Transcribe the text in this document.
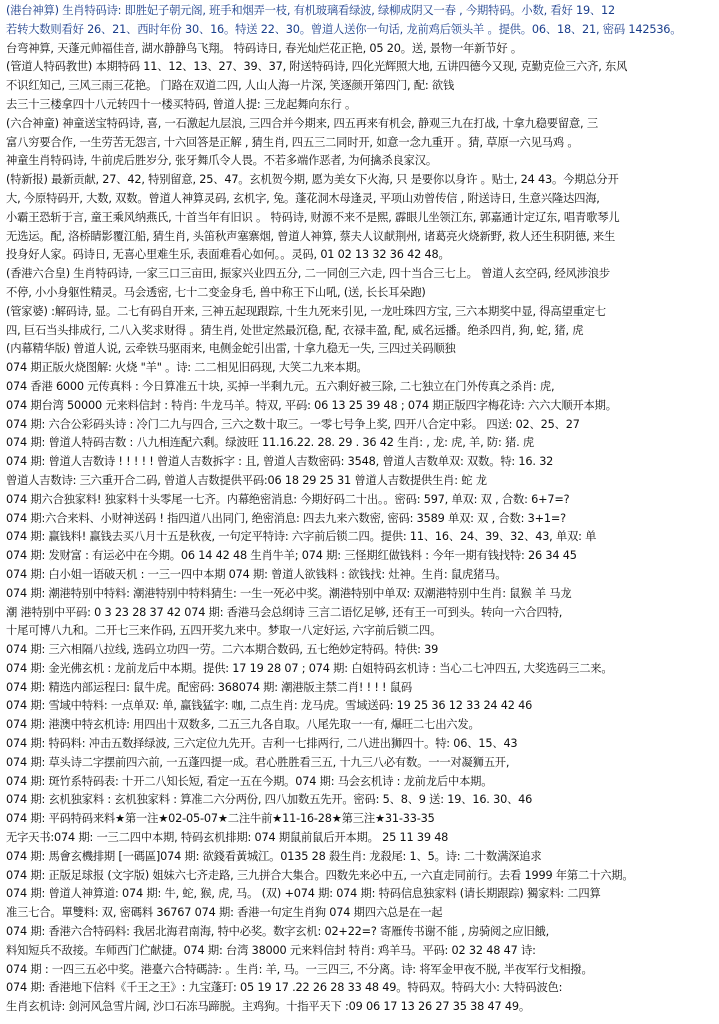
(港台神算) 生肖特码诗: 即胜妃子朝元阁, 班手和烟弄一枝, 有机玻璃看绿波, 绿柳成阴又一春 , 今期特码。小数, 看好 19、12
若转大数则看好 26、21、西时年份 30、16。特送 22、30。曾道人送你一句话, 龙前鸡后领头羊 。提供。06、18、21, 密码 142536。
台弯神算, 天蓬元帅福佳音, 湖水静静鸟飞翔。 特码诗日, 春光灿烂花正艳, 05 20。送, 景物一年新节好 。
(管道人特码教世) 本期特码 11、12、13、27、39、37, 附送特码诗, 四化光辉照大地, 五讲四德今又现, 克勤克俭三六齐, 东风
不识红知己, 三风三雨三花艳。 门路在双道二四, 人山人海一片深, 笑逐颜开第四门, 配: 欲钱
去三十三楼拿四十八元转四十一楼买特码, 曾道人提: 三龙起舞向东行 。
(六合神童) 神童送宝特码诗, 喜, 一石激起九层浪, 三四合并今期来, 四五再来有机会, 静观三九在打战, 十拿九稳要留意, 三
富八穷要合作, 一生劳苦无怨言, 十六回答是正解 , 猜生肖, 四五三二同时开, 如意一念九重开 。猜, 草原一六见马鸡 。
神童生肖特码诗, 牛前虎后胜岁分, 张牙舞爪令人畏。不若多端作恶者, 为何擒杀良家汉。
(特新报) 最新贡献, 27、42, 特别留意, 25、47。玄机贺今期, 愿为美女下火海, 只 是要你以身许 。贴士, 24 43。今期总分开
大, 今原特码开, 大数, 双数。曾道人神算灵码, 玄机字, 兔。蓬花洞木母逢灵, 平项山劝曾传信 , 附送诗日, 生意兴隆达四海,
小霸王恐斩于言, 童王乘风纳燕氏, 十首当年有旧识 。 特码诗, 财源不来不是熙, 霹眼儿坐领江东, 郭嘉通计定辽东, 唱青歌琴儿
无选运。配, 洛桥睛影覆江船, 猜生肖, 头笛秋声塞寨烟, 曾道人神算, 蔡夫人议献荆州, 诸葛亮火烧新野, 救人还生积阴德, 来生
投身好人家。码诗日, 无喜心里难生乐, 表面难看心如何。。灵码, 01 02 13 32 36 42 48。
(香港六合皇) 生肖特码诗, 一家三口三亩田, 振家兴业四五分, 二一同创三六走, 四十当合三七上。 曾道人玄空码, 经风涉浪步
不停, 小小身躯性精灵。马会透密, 七十二变金身毛, 兽中称王下山吼, (送, 长长耳朵跑)
(管家婆) :解码诗, 显。二七有码自开来, 三神五起现跟踪, 十生九死来引见, 一龙吐珠四方宝, 三六本期奖中显, 得高望重定七
四, 巨石当头排成行, 二八入奖求财得 。猜生肖, 处世定然最沉稳, 配, 衣禄丰盈, 配, 威名远播。绝杀四肖, 狗, 蛇, 猪, 虎
(内幕精华版) 曾道人说, 云牵铁马驱雨来, 电侧金蛇引出雷, 十拿九稳无一失, 三四过关码顺独
074 期正版火烧图解: 火烧 "羊" 。诗: 二二相见旧码现, 大笑二九来本期。
074 香港 6000 元传真料 : 今日算准五十块, 买掉一半剩九元。五六剩好被三除, 二七独立在门外传真之杀肖: 虎,
074 期台湾 50000 元来料信封 : 特肖: 牛龙马羊。特双, 平码: 06 13 25 39 48 ; 074 期正版四字梅花诗: 六六大顺开本期。
074 期: 六合公彩码头诗 : 冷门二九与四合, 三六之数十取三。一零七号争上奖, 四开八合定中彩。 四送: 02、25、27
074 期: 曾道人特码吉数 : 八九相连配六剩。绿波旺 11.16.22. 28. 29 . 36 42 生肖: , 龙: 虎, 羊, 防: 猪. 虎
074 期: 曾道人吉数诗 ! ! ! ! ! 曾道人吉数拆字 : 且, 曾道人吉数密码: 3548, 曾道人吉数单双: 双数。特: 16. 32
曾道人吉数诗: 三六重开合二码, 曾道人吉数提供平码:06 18 29 25 31 曾道人吉数提供生肖: 蛇 龙
074 期六合独家料! 独家料十头零尾一七齐。内幕绝密消息: 今期好码二十出。。密码: 597, 单双: 双 , 合数: 6+7=?
074 期:六合来料、小财神送码 ! 指四道八出同门, 绝密消息: 四去九来六数密, 密码: 3589 单双: 双 , 合数: 3+1=?
074 期: 赢钱料! 赢钱去买八月十五是秋夜, 一句定平特诗: 六字前后锁二四。提供: 11、16、24、39、32、43, 单双: 单
074 期: 发财富 : 有运必中在今期。06 14 42 48 生肖牛羊; 074 期: 三怪期红做钱料 : 今年一期有钱找特: 26 34 45
074 期: 白小姐一语破天机 : 一三一四中本期 074 期: 曾道人欲钱料 : 欲钱找: 灶神。生肖: 鼠虎猪马。
074 期: 潮港特别中特料: 潮港特别中特料猜生: 一生一死必中奖。潮港特别中单双: 双潮港特别中生肖: 鼠猴 羊 马龙
潮 港特别中平码: 0 3 23 28 37 42 074 期: 香港马会总纲诗 三言二语忆足够, 还有王一可到头。转向一六合四特,
十尾可博八九和。二开七三来作码, 五四开奖九来中。梦取一八定好运, 六字前后锁二四。
074 期: 三六相隔八拉线, 选码立功四一劳。二六本期合数码, 五七绝妙定特码。特供: 39
074 期: 金光佛玄机 : 龙前龙后中本期。提供: 17 19 28 07 ; 074 期: 白姐特码玄机诗 : 当心二七冲四五, 大奖选码三二来。
074 期: 精选内部运程曰: 鼠牛虎。配密码: 368074 期: 潮港版主禁二肖! ! ! ! 鼠码
074 期: 雪域中特料: 一点单双: 单, 赢钱猛字: 咖, 二点生肖: 龙马虎。雪域送码: 19 25 36 12 33 24 42 46
074 期: 港澳中特玄机诗: 用四出十双数多, 二五三九各自取。八尾先取一一有, 爆旺二七出六发。
074 期: 特码料: 冲击五数择绿波, 三六定位九先开。吉利一七排两行, 二八进出狮四十。特: 06、15、43
074 期: 草头诗二字摆前四六前, 一五蓬四提一成。君心胜胜看三五, 十九三八必有数。一一对凝狮五开,
074 期: 斑竹系特码表: 十开二八知长短, 看定一五在今期。074 期: 马会玄机诗 : 龙前龙后中本期。
074 期: 玄机独家料 : 玄机独家料 : 算准二六分两份, 四八加数五先开。密码: 5、8、9 送: 19、16. 30、46
074 期: 平码特码来料★第一注★02-05-07★二注牛前★11-16-28★第三注★31-33-35
无字天书:074 期: 一三二四中本期, 特码玄机排期: 074 期鼠前鼠后开本期。 25 11 39 48
074 期: 馬會玄機排期 [一碼區]074 期: 欲錢看黃城江。0135 28 殺生肖: 龙殺尾: 1、5。诗: 二十数满深追求
074 期: 正版足球报 (文字版) 姐妹六七齐走路, 三九拼合大集合。四数先来必中五, 一六直走同前行。去看 1999 年第二十六期。
074 期: 曾道人神算道: 074 期: 牛, 蛇, 猴, 虎, 马。 (双) +074 期: 074 期: 特码信息独家料 (请长期跟踪) 獨家料: 二四算
准三七合。單雙料: 双, 密碼料 36767 074 期: 香港一句定生肖狗 074 期四六总是在一起
074 期: 香港六合特码料: 我居北海君南海, 特中必奖。数字玄机: 02+22=? 寄雁传书谢不能 , 房骑阅之应旧餓,
料知短兵不敌接。车师西门伫献捷。074 期: 台湾 38000 元来料信封 特肖: 鸡羊马。平码: 02 32 48 47 诗:
074 期 : 一四三五必中奖。港臺六合特碼詩: 。生肖: 羊, 马。一三四三, 不分离。诗: 将军金甲夜不脱, 半夜军行戈相撥。
074 期: 香港地下信料《千王之王》: 九宝蓬玎: 05 19 17 .22 26 28 33 48 49。特码双。特码大小: 大特码波色:
生肖玄机诗: 剑河风急雪片阔, 沙口石冻马蹄脱。主鸡狗。十指平天下 :09 06 17 13 26 27 35 38 47 49。
